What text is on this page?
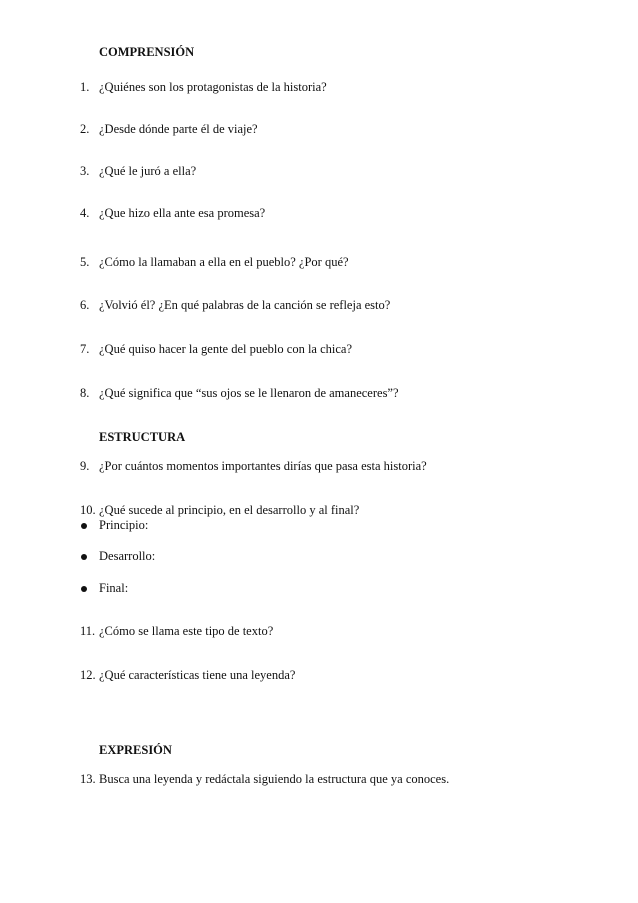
COMPRENSIÓN
1. ¿Quiénes son los protagonistas de la historia?
2. ¿Desde dónde parte él de viaje?
3. ¿Qué le juró a ella?
4. ¿Que hizo ella ante esa promesa?
5. ¿Cómo la llamaban a ella en el pueblo? ¿Por qué?
6. ¿Volvió él? ¿En qué palabras de la canción se refleja esto?
7. ¿Qué quiso hacer la gente del pueblo con la chica?
8. ¿Qué significa que “sus ojos se le llenaron de amaneceres”?
ESTRUCTURA
9. ¿Por cuántos momentos importantes dirías que pasa esta historia?
10. ¿Qué sucede al principio, en el desarrollo y al final?
Principio:
Desarrollo:
Final:
11. ¿Cómo se llama este tipo de texto?
12. ¿Qué características tiene una leyenda?
EXPRESIÓN
13. Busca una leyenda y redáctala siguiendo la estructura que ya conoces.
